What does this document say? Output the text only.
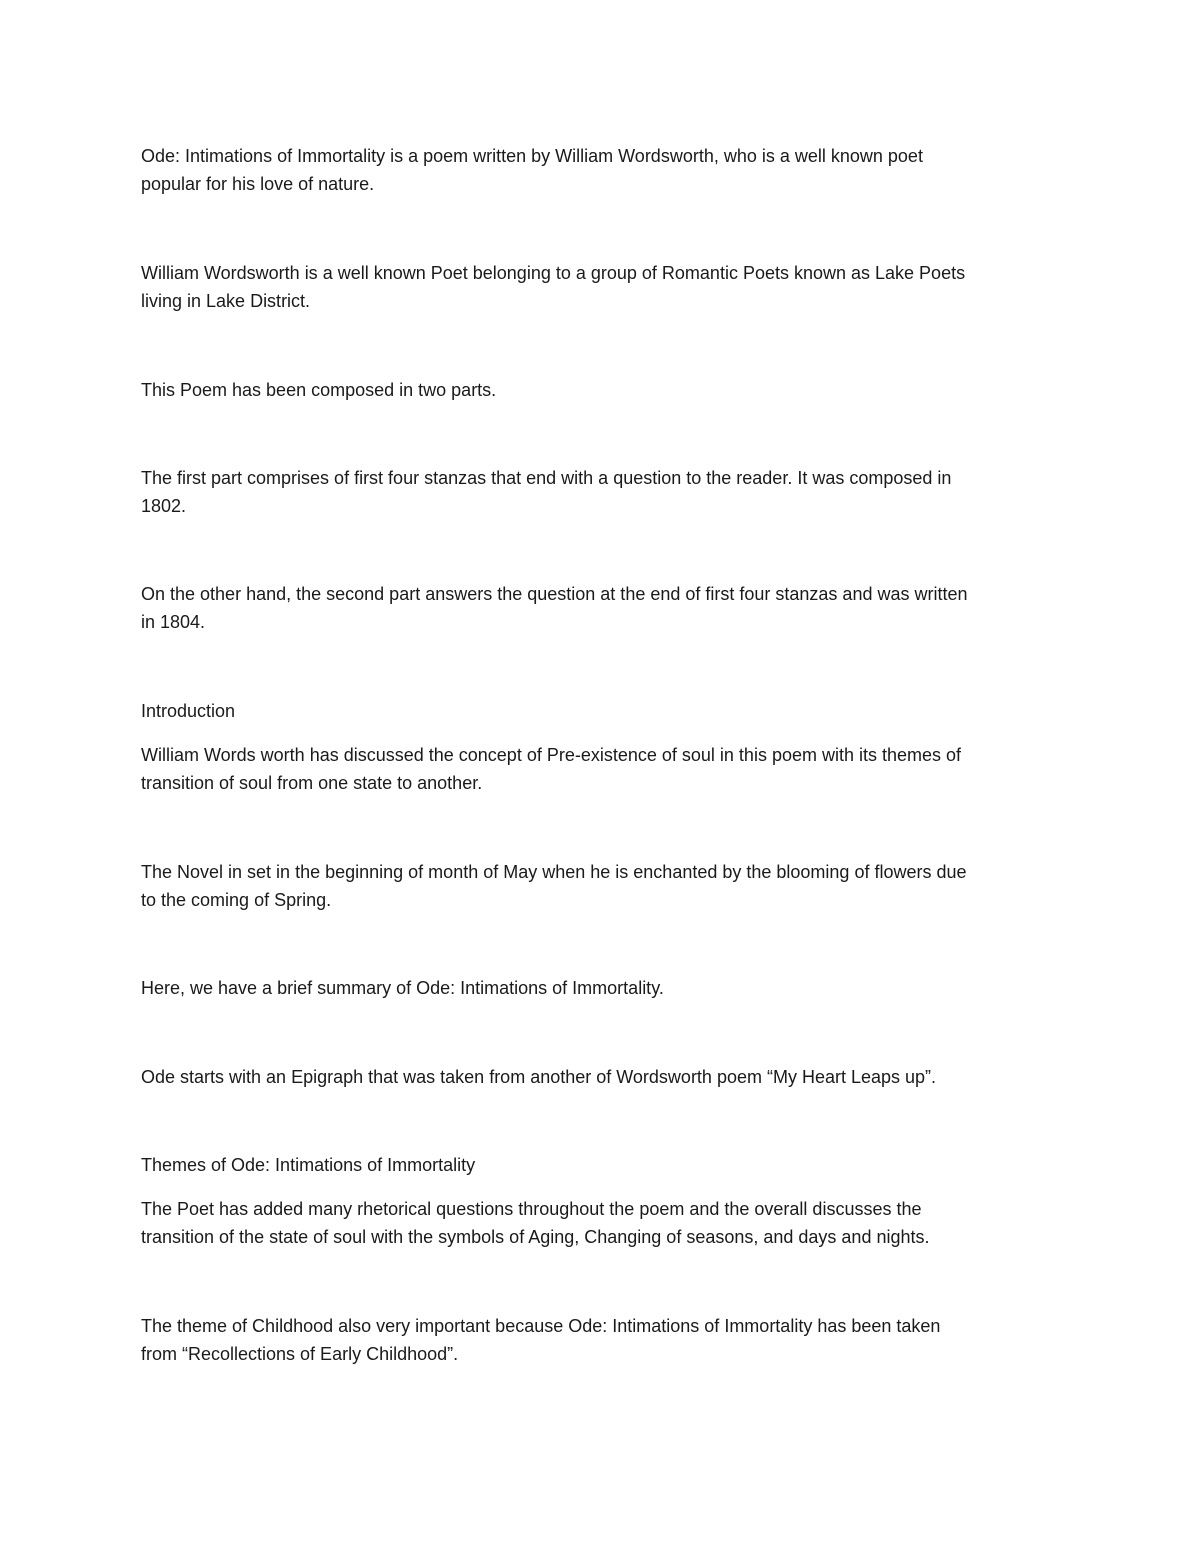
Ode: Intimations of Immortality is a poem written by William Wordsworth, who is a well known poet

popular for his love of nature.

William Wordsworth is a well known Poet belonging to a group of Romantic Poets known as Lake Poets

living in Lake District.

This Poem has been composed in two parts.

The first part comprises of first four stanzas that end with a question to the reader. It was composed in

1802.

On the other hand, the second part answers the question at the end of first four stanzas and was written

in 1804.

Introduction

William Words worth has discussed the concept of Pre-existence of soul in this poem with its themes of

transition of soul from one state to another.

The Novel in set in the beginning of month of May when he is enchanted by the blooming of flowers due

to the coming of Spring.

Here, we have a brief summary of Ode: Intimations of Immortality.

Ode starts with an Epigraph that was taken from another of Wordsworth poem “My Heart Leaps up”.

Themes of Ode: Intimations of Immortality

The Poet has added many rhetorical questions throughout the poem and the overall discusses the

transition of the state of soul with the symbols of Aging, Changing of seasons, and days and nights.

The theme of Childhood also very important because Ode: Intimations of Immortality has been taken

from “Recollections of Early Childhood”.
